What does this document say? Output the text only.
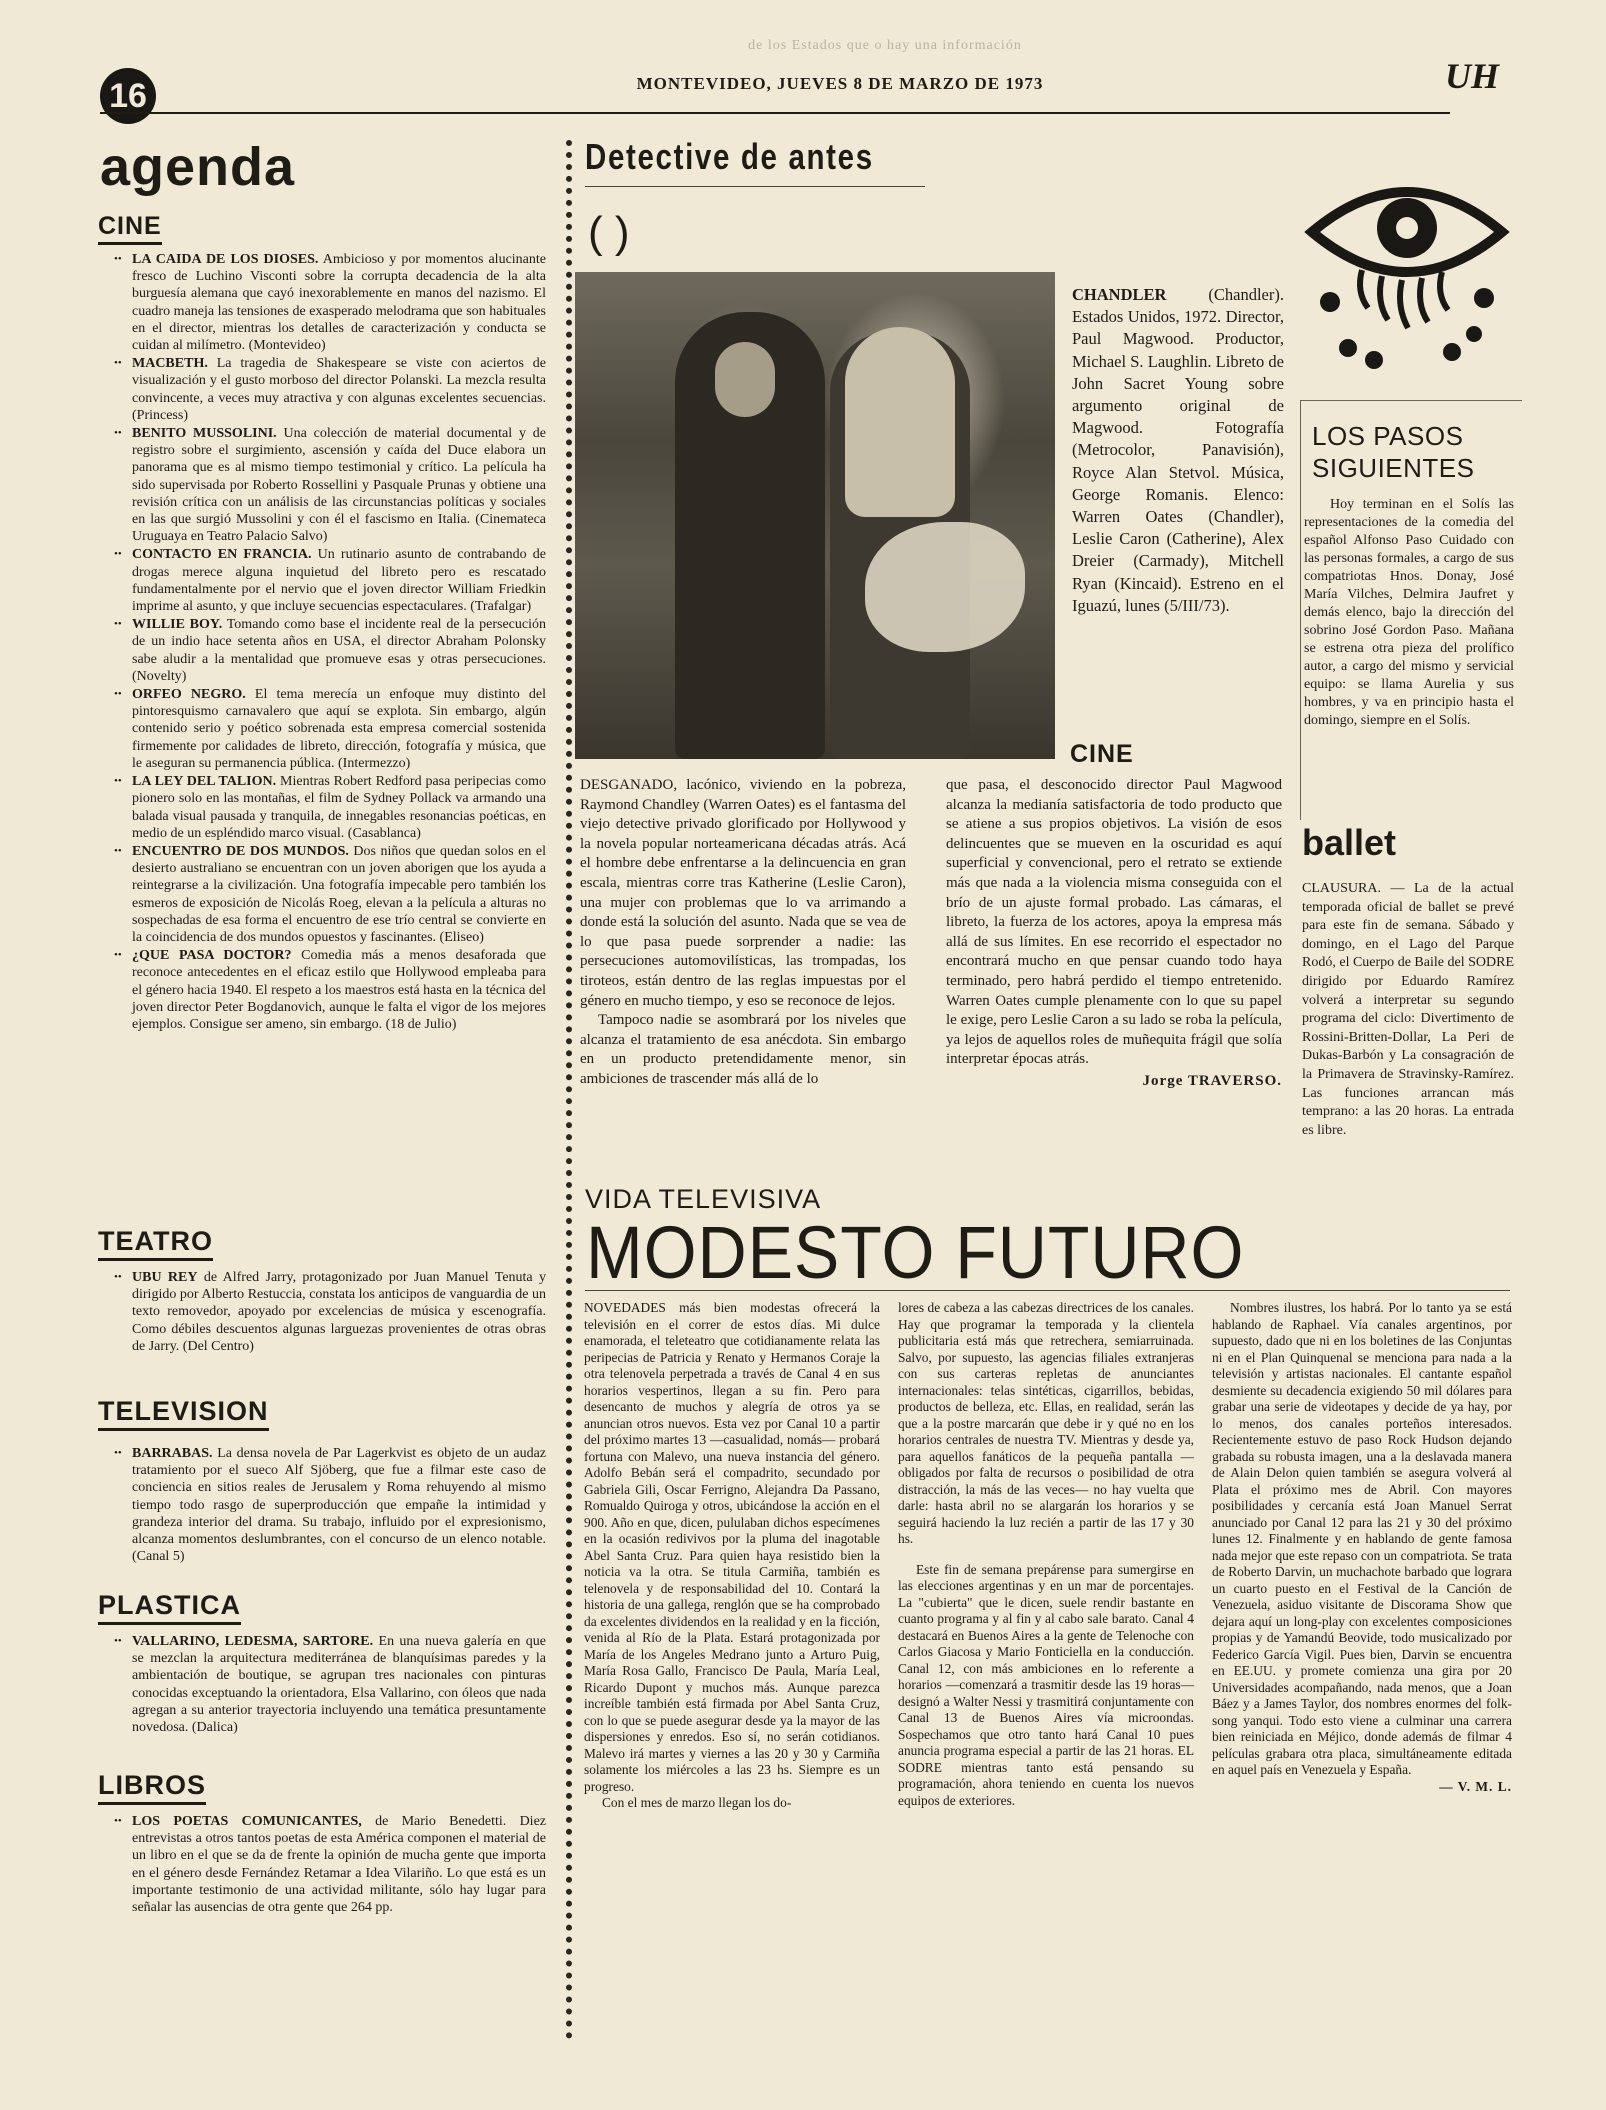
de los Estados que o hay una información
16	MONTEVIDEO, JUEVES 8 DE MARZO DE 1973	UH
agenda
CINE
•• LA CAIDA DE LOS DIOSES. Ambicioso y por momentos alucinante fresco de Luchino Visconti sobre la corrupta decadencia de la alta burguesía alemana que cayó inexorablemente en manos del nazismo. El cuadro maneja las tensiones de exasperado melodrama que son habituales en el director, mientras los detalles de caracterización y conducta se cuidan al milímetro. (Montevideo)
•• MACBETH. La tragedia de Shakespeare se viste con aciertos de visualización y el gusto morboso del director Polanski. La mezcla resulta convincente, a veces muy atractiva y con algunas excelentes secuencias. (Princess)
•• BENITO MUSSOLINI. Una colección de material documental y de registro sobre el surgimiento, ascensión y caída del Duce elabora un panorama que es al mismo tiempo testimonial y crítico. La película ha sido supervisada por Roberto Rossellini y Pasquale Prunas y obtiene una revisión crítica con un análisis de las circunstancias políticas y sociales en las que surgió Mussolini y con él el fascismo en Italia. (Cinemateca Uruguaya en Teatro Palacio Salvo)
•• CONTACTO EN FRANCIA. Un rutinario asunto de contrabando de drogas merece alguna inquietud del libreto pero es rescatado fundamentalmente por el nervio que el joven director William Friedkin imprime al asunto, y que incluye secuencias espectaculares. (Trafalgar)
•• WILLIE BOY. Tomando como base el incidente real de la persecución de un indio hace setenta años en USA, el director Abraham Polonsky sabe aludir a la mentalidad que promueve esas y otras persecuciones. (Novelty)
•• ORFEO NEGRO. El tema merecía un enfoque muy distinto del pintoresquismo carnavalero que aquí se explota. Sin embargo, algún contenido serio y poético sobrenada esta empresa comercial sostenida firmemente por calidades de libreto, dirección, fotografía y música, que le aseguran su permanencia pública. (Intermezzo)
•• LA LEY DEL TALION. Mientras Robert Redford pasa peripecias como pionero solo en las montañas, el film de Sydney Pollack va armando una balada visual pausada y tranquila, de innegables resonancias poéticas, en medio de un espléndido marco visual. (Casablanca)
•• ENCUENTRO DE DOS MUNDOS. Dos niños que quedan solos en el desierto australiano se encuentran con un joven aborigen que los ayuda a reintegrarse a la civilización. Una fotografía impecable pero también los esmeros de exposición de Nicolás Roeg, elevan a la película a alturas no sospechadas de esa forma el encuentro de ese trío central se convierte en la coincidencia de dos mundos opuestos y fascinantes. (Eliseo)
•• ¿QUE PASA DOCTOR? Comedia más a menos desaforada que reconoce antecedentes en el eficaz estilo que Hollywood empleaba para el género hacia 1940. El respeto a los maestros está hasta en la técnica del joven director Peter Bogdanovich, aunque le falta el vigor de los mejores ejemplos. Consigue ser ameno, sin embargo. (18 de Julio)
TEATRO
•• UBU REY de Alfred Jarry, protagonizado por Juan Manuel Tenuta y dirigido por Alberto Restuccia, constata los anticipos de vanguardia de un texto removedor, apoyado por excelencias de música y escenografía. Como débiles descuentos algunas larguezas provenientes de otras obras de Jarry. (Del Centro)
TELEVISION
•• BARRABAS. La densa novela de Par Lagerkvist es objeto de un audaz tratamiento por el sueco Alf Sjöberg, que fue a filmar este caso de conciencia en sitios reales de Jerusalem y Roma rehuyendo al mismo tiempo todo rasgo de superproducción que empañe la intimidad y grandeza interior del drama. Su trabajo, influido por el expresionismo, alcanza momentos deslumbrantes, con el concurso de un elenco notable. (Canal 5)
PLASTICA
•• VALLARINO, LEDESMA, SARTORE. En una nueva galería en que se mezclan la arquitectura mediterránea de blanquísimas paredes y la ambientación de boutique, se agrupan tres nacionales con pinturas conocidas exceptuando la orientadora, Elsa Vallarino, con óleos que nada agregan a su anterior trayectoria incluyendo una temática presuntamente novedosa. (Dalica)
LIBROS
•• LOS POETAS COMUNICANTES, de Mario Benedetti. Diez entrevistas a otros tantos poetas de esta América componen el material de un libro en el que se da de frente la opinión de mucha gente que importa en el género desde Fernández Retamar a Idea Vilariño. Lo que está es un importante testimonio de una actividad militante, sólo hay lugar para señalar las ausencias de otra gente que 264 pp.
Detective de antes
( )
CHANDLER	(Chandler). Estados Unidos, 1972. Director, Paul Magwood. Productor, Michael S. Laughlin. Libreto de John Sacret Young sobre argumento original de Magwood. Fotografía (Metrocolor, Panavisión), Royce Alan Stetvol. Música, George Romanis. Elenco: Warren Oates (Chandler), Leslie Caron (Catherine), Alex Dreier (Carmady), Mitchell Ryan (Kincaid). Estreno en el Iguazú, lunes (5/III/73).
CINE

DESGANADO, lacónico, viviendo en la pobreza, Raymond Chandley (Warren Oates) es el fantasma del viejo detective privado glorificado por Hollywood y la novela popular norteamericana décadas atrás. Acá el hombre debe enfrentarse a la delincuencia en gran escala, mientras corre tras Katherine (Leslie Caron), una mujer con problemas que lo va arrimando a donde está la solución del asunto. Nada que se vea de lo que pasa puede sorprender a nadie: las persecuciones automovilísticas, las trompadas, los tiroteos, están dentro de las reglas impuestas por el género en mucho tiempo, y eso se reconoce de lejos.

Tampoco nadie se asombrará por los niveles que alcanza el tratamiento de esa anécdota. Sin embargo en un producto pretendidamente menor, sin ambiciones de trascender más allá de lo

que pasa, el desconocido director Paul Magwood alcanza la medianía satisfactoria de todo producto que se atiene a sus propios objetivos. La visión de esos delincuentes que se mueven en la oscuridad es aquí superficial y convencional, pero el retrato se extiende más que nada a la violencia misma conseguida con el brío de un ajuste formal probado. Las cámaras, el libreto, la fuerza de los actores, apoya la empresa más allá de sus límites. En ese recorrido el espectador no encontrará mucho en que pensar cuando todo haya terminado, pero habrá perdido el tiempo entretenido. Warren Oates cumple plenamente con lo que su papel le exige, pero Leslie Caron a su lado se roba la película, ya lejos de aquellos roles de muñequita frágil que solía interpretar épocas atrás.

Jorge TRAVERSO.
LOS PASOS
SIGUIENTES

Hoy terminan en el Solís las representaciones de la comedia del español Alfonso Paso Cuidado con las personas formales, a cargo de sus compatriotas Hnos. Donay, José María Vilches, Delmira Jaufret y demás elenco, bajo la dirección del sobrino José Gordon Paso. Mañana se estrena otra pieza del prolífico autor, a cargo del mismo y servicial equipo: se llama Aurelia y sus hombres, y va en principio hasta el domingo, siempre en el Solís.

ballet

CLAUSURA. — La de la actual temporada oficial de ballet se prevé para este fin de semana. Sábado y domingo, en el Lago del Parque Rodó, el Cuerpo de Baile del SODRE dirigido por Eduardo Ramírez volverá a interpretar su segundo programa del ciclo: Divertimento de Rossini-Britten-Dollar, La Peri de Dukas-Barbón y La consagración de la Primavera de Stravinsky-Ramírez. Las funciones arrancan más temprano: a las 20 horas. La entrada es libre.

VIDA TELEVISIVA
MODESTO FUTURO

NOVEDADES más bien modestas ofrecerá la televisión en el correr de estos días. Mi dulce enamorada, el teleteatro que cotidianamente relata las peripecias de Patricia y Renato y Hermanos Coraje la otra telenovela perpetrada a través de Canal 4 en sus horarios vespertinos, llegan a su fin. Pero para desencanto de muchos y alegría de otros ya se anuncian otros nuevos. Esta vez por Canal 10 a partir del próximo martes 13 —casualidad, nomás— probará fortuna con Malevo, una nueva instancia del género. Adolfo Bebán será el compadrito, secundado por Gabriela Gili, Oscar Ferrigno, Alejandra Da Passano, Romualdo Quiroga y otros, ubicándose la acción en el 900. Año en que, dicen, pululaban dichos especímenes en la ocasión redivivos por la pluma del inagotable Abel Santa Cruz. Para quien haya resistido bien la noticia va la otra. Se titula Carmiña, también es telenovela y de responsabilidad del 10. Contará la historia de una gallega, renglón que se ha comprobado da excelentes dividendos en la realidad y en la ficción, venida al Río de la Plata. Estará protagonizada por María de los Angeles Medrano junto a Arturo Puig, María Rosa Gallo, Francisco De Paula, María Leal, Ricardo Dupont y muchos más. Aunque parezca increíble también está firmada por Abel Santa Cruz, con lo que se puede asegurar desde ya la mayor de las dispersiones y enredos. Eso sí, no serán cotidianos. Malevo irá martes y viernes a las 20 y 30 y Carmiña solamente los miércoles a las 23 hs. Siempre es un progreso.

Con el mes de marzo llegan los do-

lores de cabeza a las cabezas directrices de los canales. Hay que programar la temporada y la clientela publicitaria está más que retrechera, semiarruinada. Salvo, por supuesto, las agencias filiales extranjeras con sus carteras repletas de anunciantes internacionales: telas sintéticas, cigarrillos, bebidas, productos de belleza, etc. Ellas, en realidad, serán las que a la postre marcarán que debe ir y qué no en los horarios centrales de nuestra TV. Mientras y desde ya, para aquellos fanáticos de la pequeña pantalla —obligados por falta de recursos o posibilidad de otra distracción, la más de las veces— no hay vuelta que darle: hasta abril no se alargarán los horarios y se seguirá haciendo la luz recién a partir de las 17 y 30 hs.

Este fin de semana prepárense para sumergirse en las elecciones argentinas y en un mar de porcentajes. La "cubierta" que le dicen, suele rendir bastante en cuanto programa y al fin y al cabo sale barato. Canal 4 destacará en Buenos Aires a la gente de Telenoche con Carlos Giacosa y Mario Fonticiella en la conducción. Canal 12, con más ambiciones en lo referente a horarios —comenzará a trasmitir desde las 19 horas— designó a Walter Nessi y trasmitirá conjuntamente con Canal 13 de Buenos Aires vía microondas. Sospechamos que otro tanto hará Canal 10 pues anuncia programa especial a partir de las 21 horas. EL SODRE mientras tanto está pensando su programación, ahora teniendo en cuenta los nuevos equipos de exteriores.

Nombres ilustres, los habrá. Por lo tanto ya se está hablando de Raphael. Vía canales argentinos, por supuesto, dado que ni en los boletines de las Conjuntas ni en el Plan Quinquenal se menciona para nada a la televisión y artistas nacionales. El cantante español desmiente su decadencia exigiendo 50 mil dólares para grabar una serie de videotapes y decide de ya hay, por lo menos, dos canales porteños interesados. Recientemente estuvo de paso Rock Hudson dejando grabada su robusta imagen, una a la deslavada manera de Alain Delon quien también se asegura volverá al Plata el próximo mes de Abril. Con mayores posibilidades y cercanía está Joan Manuel Serrat anunciado por Canal 12 para las 21 y 30 del próximo lunes 12. Finalmente y en hablando de gente famosa nada mejor que este repaso con un compatriota. Se trata de Roberto Darvin, un muchachote barbado que lograra un cuarto puesto en el Festival de la Canción de Venezuela, asiduo visitante de Discorama Show que dejara aquí un long-play con excelentes composiciones propias y de Yamandú Beovide, todo musicalizado por Federico García Vigil. Pues bien, Darvin se encuentra en EE.UU. y promete comienza una gira por 20 Universidades acompañando, nada menos, que a Joan Báez y a James Taylor, dos nombres enormes del folk-song yanqui. Todo esto viene a culminar una carrera bien reiniciada en Méjico, donde además de filmar 4 películas grabara otra placa, simultáneamente editada en aquel país en Venezuela y España.

— V. M. L.
